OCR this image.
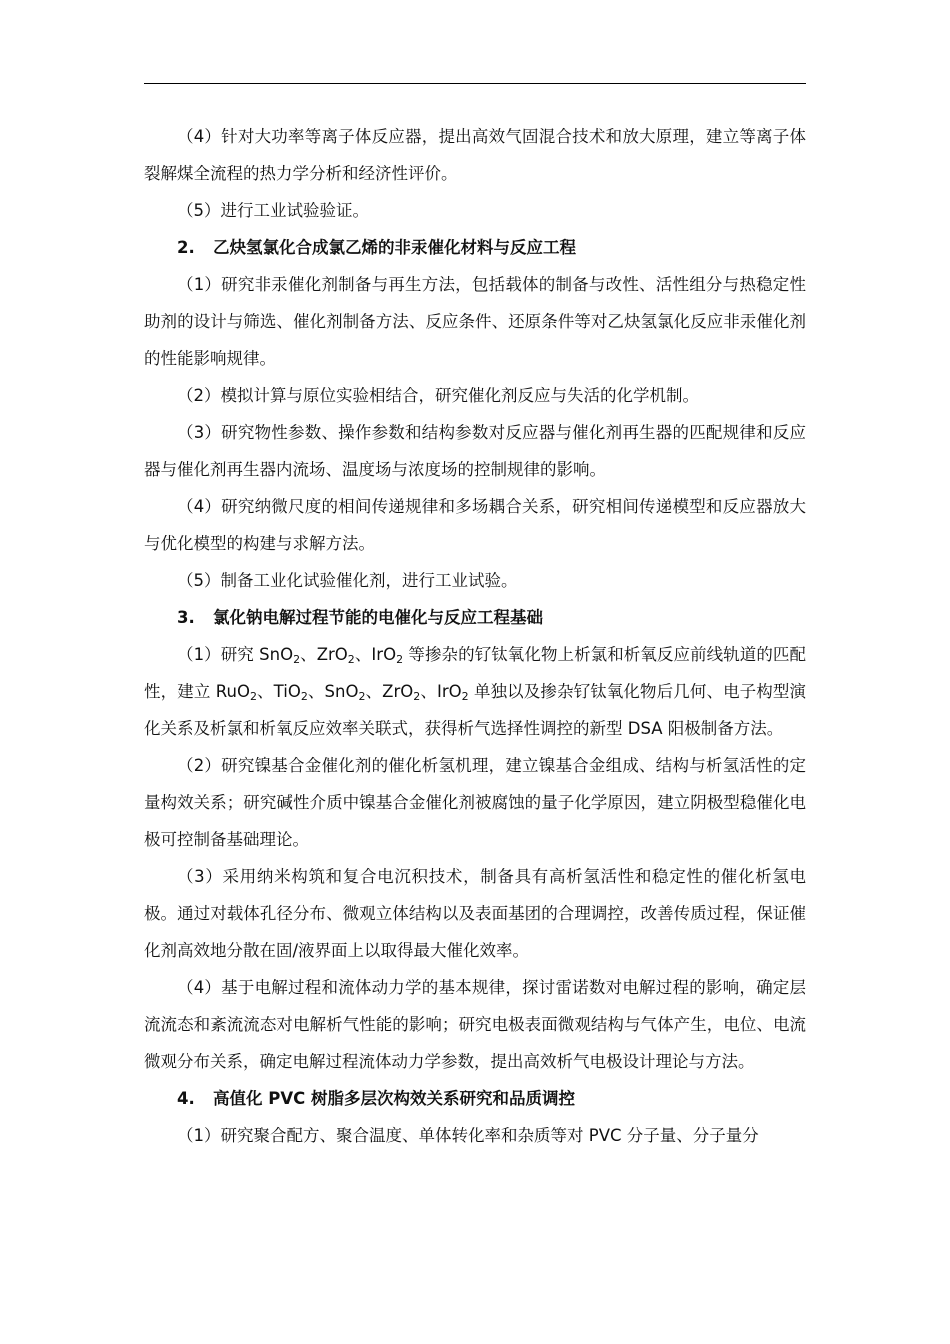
（4）针对大功率等离子体反应器，提出高效气固混合技术和放大原理，建立等离子体裂解煤全流程的热力学分析和经济性评价。

（5）进行工业试验验证。

2. 乙炔氢氯化合成氯乙烯的非汞催化材料与反应工程

（1）研究非汞催化剂制备与再生方法，包括载体的制备与改性、活性组分与热稳定性助剂的设计与筛选、催化剂制备方法、反应条件、还原条件等对乙炔氢氯化反应非汞催化剂的性能影响规律。

（2）模拟计算与原位实验相结合，研究催化剂反应与失活的化学机制。

（3）研究物性参数、操作参数和结构参数对反应器与催化剂再生器的匹配规律和反应器与催化剂再生器内流场、温度场与浓度场的控制规律的影响。

（4）研究纳微尺度的相间传递规律和多场耦合关系，研究相间传递模型和反应器放大与优化模型的构建与求解方法。

（5）制备工业化试验催化剂，进行工业试验。

3. 氯化钠电解过程节能的电催化与反应工程基础

（1）研究 SnO$_2$、ZrO$_2$、IrO$_2$ 等掺杂的钌钛氧化物上析氯和析氧反应前线轨道的匹配性，建立 RuO$_2$、TiO$_2$、SnO$_2$、ZrO$_2$、IrO$_2$ 单独以及掺杂钌钛氧化物后几何、电子构型演化关系及析氯和析氧反应效率关联式，获得析气选择性调控的新型 DSA 阳极制备方法。

（2）研究镍基合金催化剂的催化析氢机理，建立镍基合金组成、结构与析氢活性的定量构效关系；研究碱性介质中镍基合金催化剂被腐蚀的量子化学原因，建立阴极型稳催化电极可控制备基础理论。

（3）采用纳米构筑和复合电沉积技术，制备具有高析氢活性和稳定性的催化析氢电极。通过对载体孔径分布、微观立体结构以及表面基团的合理调控，改善传质过程，保证催化剂高效地分散在固/液界面上以取得最大催化效率。

（4）基于电解过程和流体动力学的基本规律，探讨雷诺数对电解过程的影响，确定层流流态和紊流流态对电解析气性能的影响；研究电极表面微观结构与气体产生，电位、电流微观分布关系，确定电解过程流体动力学参数，提出高效析气电极设计理论与方法。

4. 高值化 PVC 树脂多层次构效关系研究和品质调控

（1）研究聚合配方、聚合温度、单体转化率和杂质等对 PVC 分子量、分子量分
